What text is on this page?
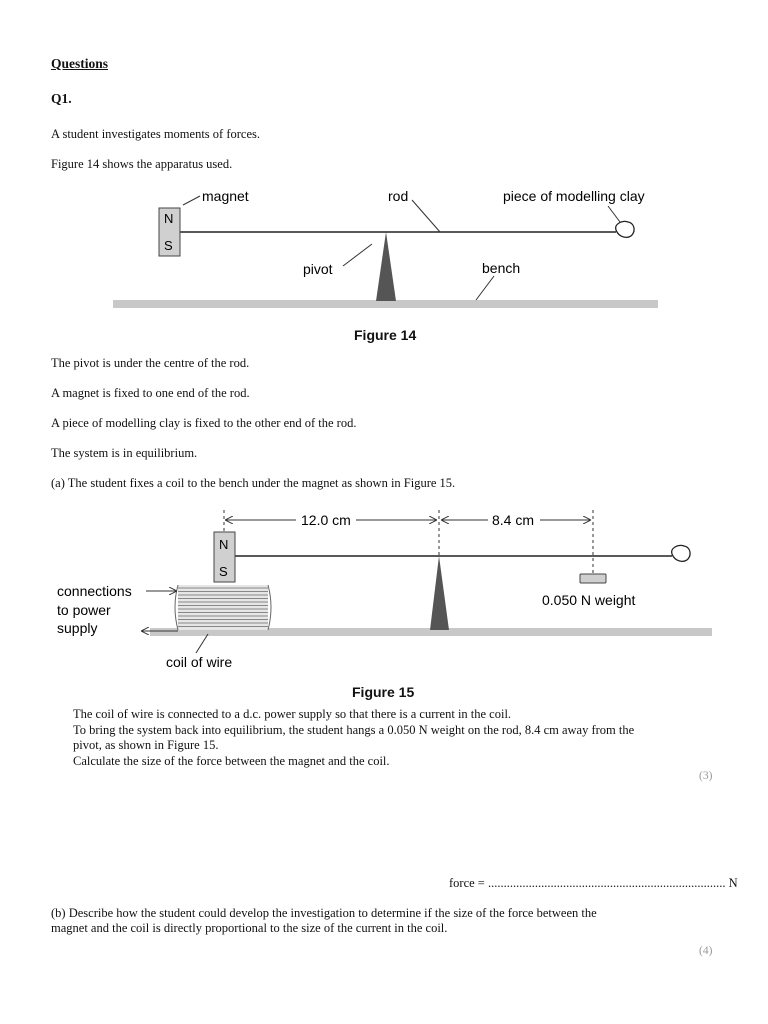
Questions
Q1.
A student investigates moments of forces.
Figure 14 shows the apparatus used.
N
S
magnet	rod	piece of modelling clay
pivot	bench
Figure 14
The pivot is under the centre of the rod.
A magnet is fixed to one end of the rod.
A piece of modelling clay is fixed to the other end of the rod.
The system is in equilibrium.
(a) The student fixes a coil to the bench under the magnet as shown in Figure 15.
N
S
12.0 cm	8.4 cm
0.050 N weight
connections
to power
supply
coil of wire
Figure 15
The coil of wire is connected to a d.c. power supply so that there is a current in the coil.
To bring the system back into equilibrium, the student hangs a 0.050 N weight on the rod, 8.4 cm away from the
pivot, as shown in Figure 15.
Calculate the size of the force between the magnet and the coil.
(3)
force = ............................................................................ N
(b) Describe how the student could develop the investigation to determine if the size of the force between the
magnet and the coil is directly proportional to the size of the current in the coil.
(4)
